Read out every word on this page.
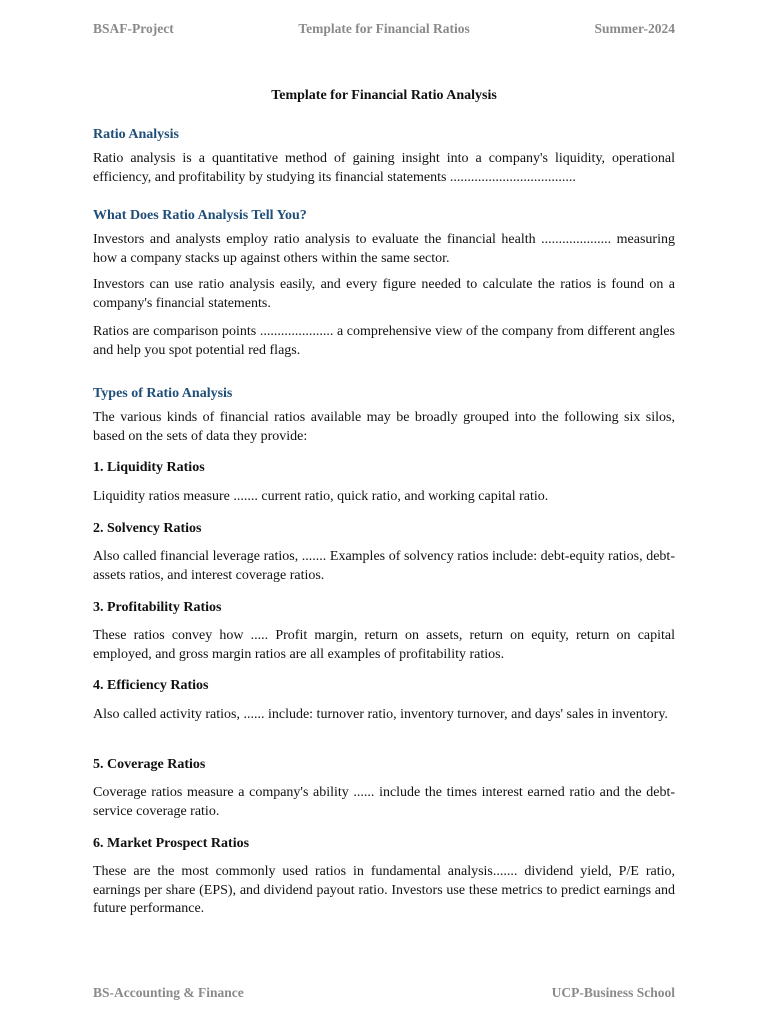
BSAF-Project	Template for Financial Ratios	Summer-2024
Template for Financial Ratio Analysis
Ratio Analysis
Ratio analysis is a quantitative method of gaining insight into a company's liquidity, operational efficiency, and profitability by studying its financial statements ....................................
What Does Ratio Analysis Tell You?
Investors and analysts employ ratio analysis to evaluate the financial health .................... measuring how a company stacks up against others within the same sector.
Investors can use ratio analysis easily, and every figure needed to calculate the ratios is found on a company's financial statements.
Ratios are comparison points ..................... a comprehensive view of the company from different angles and help you spot potential red flags.
Types of Ratio Analysis
The various kinds of financial ratios available may be broadly grouped into the following six silos, based on the sets of data they provide:
1. Liquidity Ratios
Liquidity ratios measure ....... current ratio, quick ratio, and working capital ratio.
2. Solvency Ratios
Also called financial leverage ratios, ....... Examples of solvency ratios include: debt-equity ratios, debt-assets ratios, and interest coverage ratios.
3. Profitability Ratios
These ratios convey how ..... Profit margin, return on assets, return on equity, return on capital employed, and gross margin ratios are all examples of profitability ratios.
4. Efficiency Ratios
Also called activity ratios, ...... include: turnover ratio, inventory turnover, and days' sales in inventory.
5. Coverage Ratios
Coverage ratios measure a company's ability ...... include the times interest earned ratio and the debt-service coverage ratio.
6. Market Prospect Ratios
These are the most commonly used ratios in fundamental analysis....... dividend yield, P/E ratio, earnings per share (EPS), and dividend payout ratio. Investors use these metrics to predict earnings and future performance.
BS-Accounting & Finance	UCP-Business School
